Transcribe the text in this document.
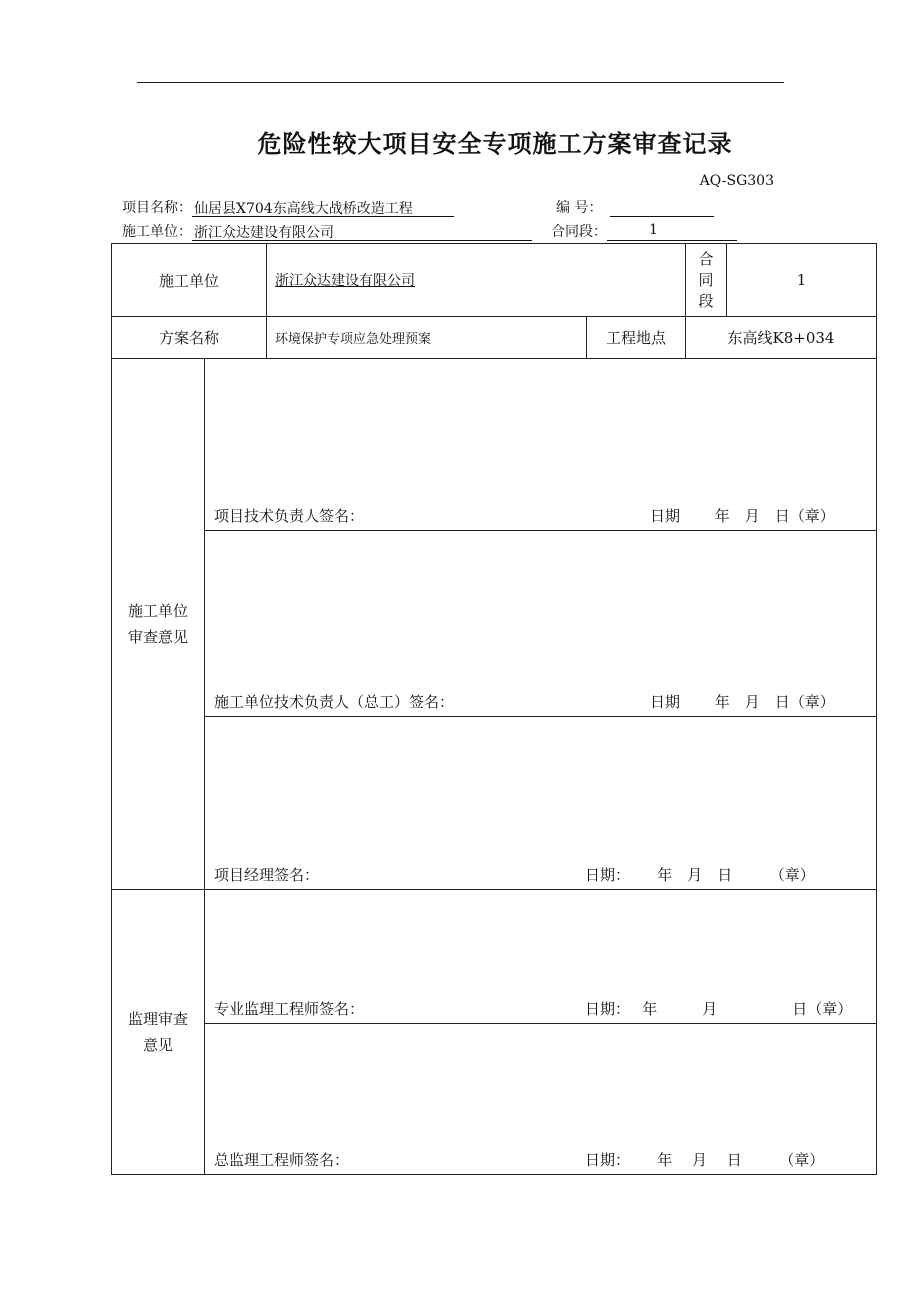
危险性较大项目安全专项施工方案审查记录
AQ-SG303
项目名称： 仙居县X704东高线大战桥改造工程	编 号：
施工单位： 浙江众达建设有限公司	合同段：	1
施工单位		浙江众达建设有限公司		合
同
段	1
方案名称		环境保护专项应急处理预案	工程地点	东高线K8+034	

施工单位审查意见	项目技术负责人签名： 日期　　 年　月　日（章）				

	施工单位技术负责人（总工）签名： 日期　　 年　月　日（章）				

	项目经理签名： 日期：　　 年　月　日　　　（章）				

监理审查意见	专业监理工程师签名： 日期：　 年　　　月　　　　　日（章）				

	总监理工程师签名： 日期：　　 年　 月　 日　　　（章）				
